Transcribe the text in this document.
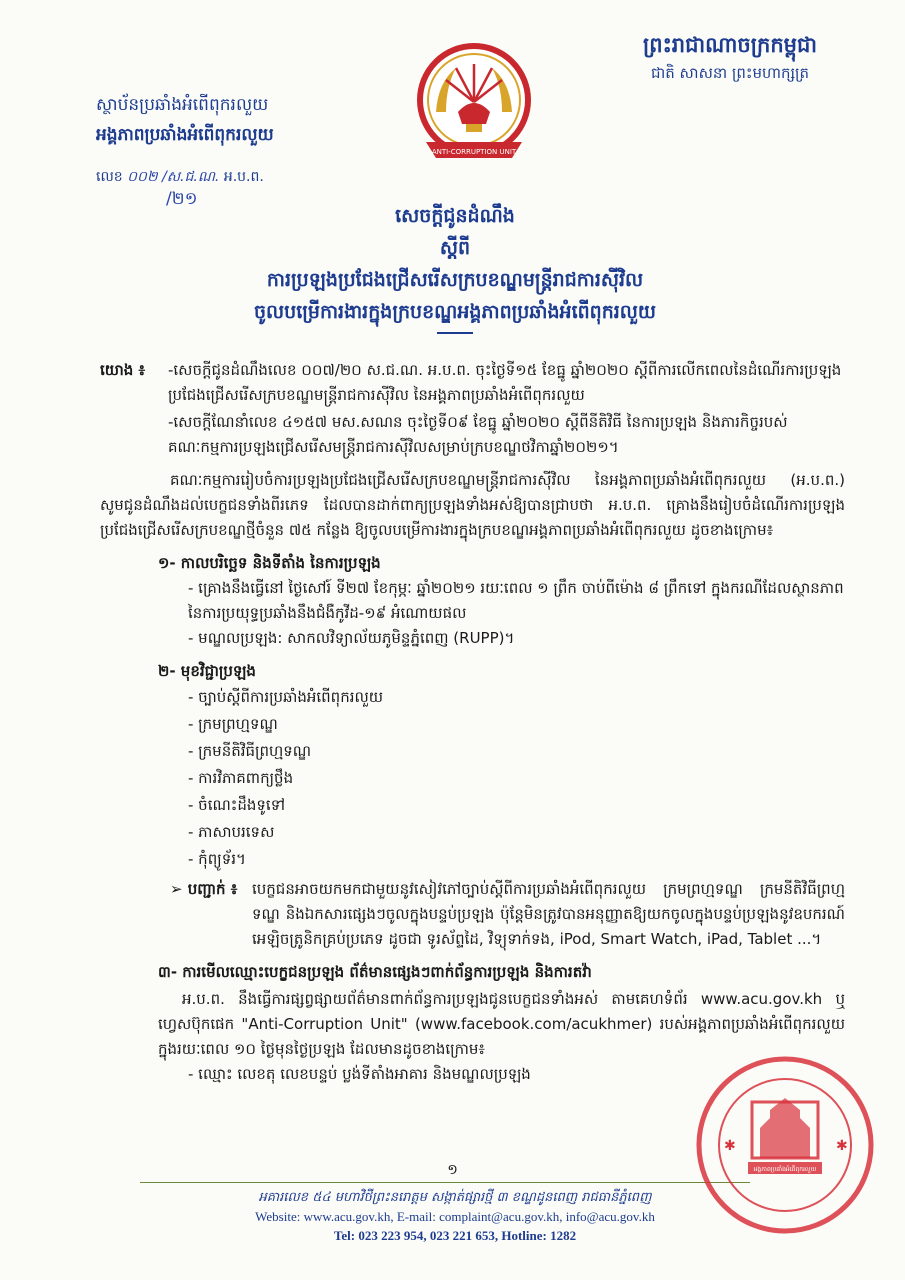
ព្រះរាជាណាចក្រកម្ពុជា
ជាតិ សាសនា ព្រះមហាក្សត្រ
ស្ថាប័នប្រឆាំងអំពើពុករលួយ
អង្គភាពប្រឆាំងអំពើពុករលួយ
លេខ ០០២ /ស.ជ.ណ. អ.ប.ព.
/២១
ANTI-CORRUPTION UNIT
សេចក្តីជូនដំណឹង
ស្តីពី
ការប្រឡងប្រជែងជ្រើសរើសក្របខណ្ឌមន្ត្រីរាជការស៊ីវិល
ចូលបម្រើការងារក្នុងក្របខណ្ឌអង្គភាពប្រឆាំងអំពើពុករលួយ
យោង ៖	-សេចក្តីជូនដំណឹងលេខ ០០៧/២០ ស.ជ.ណ. អ.ប.ព. ចុះថ្ងៃទី១៥ ខែធ្នូ ឆ្នាំ២០២០ ស្តីពីការលើកពេលនៃដំណើរការប្រឡងប្រជែងជ្រើសរើសក្របខណ្ឌមន្ត្រីរាជការស៊ីវិល នៃអង្គភាពប្រឆាំងអំពើពុករលួយ

-សេចក្តីណែនាំលេខ ៤១៥៧ មស.សណន ចុះថ្ងៃទី០៩ ខែធ្នូ ឆ្នាំ២០២០ ស្តីពីនីតិវិធី នៃការប្រឡង និងភារកិច្ចរបស់គណៈកម្មការប្រឡងជ្រើសរើសមន្ត្រីរាជការស៊ីវិលសម្រាប់ក្របខណ្ឌថវិកាឆ្នាំ២០២១។

គណៈកម្មការរៀបចំការប្រឡងប្រជែងជ្រើសរើសក្របខណ្ឌមន្ត្រីរាជការស៊ីវិល នៃអង្គភាពប្រឆាំងអំពើពុករលួយ (អ.ប.ព.) សូមជូនដំណឹងដល់បេក្ខជនទាំងពីរភេទ ដែលបានដាក់ពាក្យប្រឡងទាំងអស់ឱ្យបានជ្រាបថា អ.ប.ព. គ្រោងនឹងរៀបចំដំណើរការប្រឡងប្រជែងជ្រើសរើសក្របខណ្ឌថ្មីចំនួន ៧៥ កន្លែង ឱ្យចូលបម្រើការងារក្នុងក្របខណ្ឌអង្គភាពប្រឆាំងអំពើពុករលួយ ដូចខាងក្រោម៖

១- កាលបរិច្ឆេទ និងទីតាំង នៃការប្រឡង

- គ្រោងនឹងធ្វើនៅ ថ្ងៃសៅរ៍ ទី២៧ ខែកុម្ភៈ ឆ្នាំ២០២១ រយៈពេល ១ ព្រឹក ចាប់ពីម៉ោង ៨ ព្រឹកទៅ ក្នុងករណីដែលស្ថានភាព នៃការប្រយុទ្ធប្រឆាំងនឹងជំងឺកូវីដ-១៩ អំណោយផល

- មណ្ឌលប្រឡង: សាកលវិទ្យាល័យភូមិន្ទភ្នំពេញ (RUPP)។

២- មុខវិជ្ជាប្រឡង
- ច្បាប់ស្តីពីការប្រឆាំងអំពើពុករលួយ
- ក្រមព្រហ្មទណ្ឌ
- ក្រមនីតិវិធីព្រហ្មទណ្ឌ
- ការវិភាគពាក្យថ្លឹង
- ចំណេះដឹងទូទៅ
- ភាសាបរទេស
- កុំព្យូទ័រ។
➢ បញ្ជាក់ ៖ បេក្ខជនអាចយកមកជាមួយនូវសៀវភៅច្បាប់ស្តីពីការប្រឆាំងអំពើពុករលួយ ក្រមព្រហ្មទណ្ឌ ក្រមនីតិវិធីព្រហ្មទណ្ឌ និងឯកសារផ្សេងៗចូលក្នុងបន្ទប់ប្រឡង ប៉ុន្តែមិនត្រូវបានអនុញ្ញាតឱ្យយកចូលក្នុងបន្ទប់ប្រឡងនូវឧបករណ៍អេឡិចត្រូនិកគ្រប់ប្រភេទ ដូចជា ទូរស័ព្ទដៃ, វិទ្យុទាក់ទង, iPod, Smart Watch, iPad, Tablet ...។
៣- ការមើលឈ្មោះបេក្ខជនប្រឡង ព័ត៌មានផ្សេងៗពាក់ព័ន្ធការប្រឡង និងការតវ៉ា

អ.ប.ព. នឹងធ្វើការផ្សព្វផ្សាយព័ត៌មានពាក់ព័ន្ធការប្រឡងជូនបេក្ខជនទាំងអស់ តាមគេហទំព័រ www.acu.gov.kh ឬ ហ្វេសប៊ុកផេក "Anti-Corruption Unit" (www.facebook.com/acukhmer) របស់អង្គភាពប្រឆាំងអំពើពុករលួយ ក្នុងរយៈពេល ១០ ថ្ងៃមុនថ្ងៃប្រឡង ដែលមានដូចខាងក្រោម៖

- ឈ្មោះ លេខតុ លេខបន្ទប់ ប្លង់ទីតាំងអាគារ និងមណ្ឌលប្រឡង

១
អគារលេខ ៥៤ មហាវិថីព្រះនរោត្តម សង្កាត់ផ្សារថ្មី ៣ ខណ្ឌដូនពេញ រាជធានីភ្នំពេញ
Website: www.acu.gov.kh, E-mail: complaint@acu.gov.kh, info@acu.gov.kh
Tel: 023 223 954, 023 221 653, Hotline: 1282
អង្គភាពប្រឆាំងអំពើពុករលួយ
✱	✱
